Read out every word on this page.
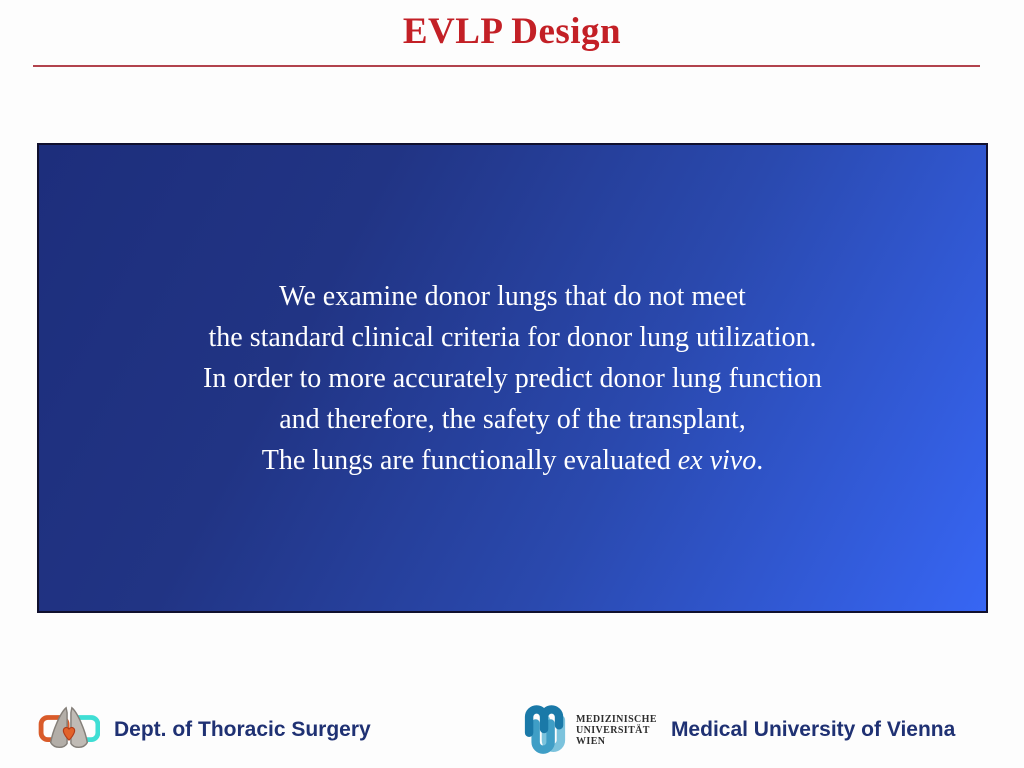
EVLP Design
We examine donor lungs that do not meet
the standard clinical criteria for donor lung utilization.
In order to more accurately predict donor lung function
and therefore, the safety of the transplant,
The lungs are functionally evaluated ex vivo.
Dept. of Thoracic Surgery	MEDIZINISCHE
UNIVERSITÄT
WIEN	Medical University of Vienna
